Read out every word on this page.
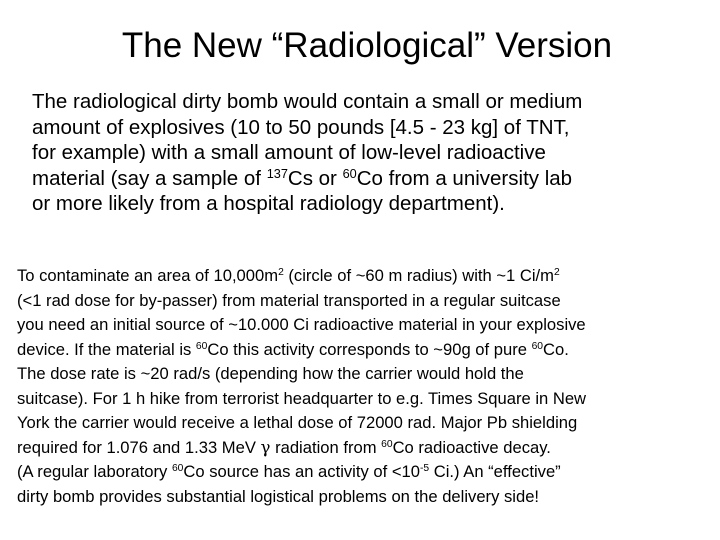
The New “Radiological” Version
The radiological dirty bomb would contain a small or medium
amount of explosives (10 to 50 pounds [4.5 - 23 kg] of TNT,
for example) with a small amount of low-level radioactive
material (say a sample of $^{137}$Cs or $^{60}$Co from a university lab
or more likely from a hospital radiology department).
To contaminate an area of $10,000m^2$ (circle of ~60 m radius) with ~1 $Ci/m^2$
(<1 rad dose for by-passer) from material transported in a regular suitcase
you need an initial source of ~10.000 Ci radioactive material in your explosive
device. If the material is $^{60}$Co this activity corresponds to ~90g of pure $^{60}$Co.
The dose rate is ~20 rad/s (depending how the carrier would hold the
suitcase). For 1 h hike from terrorist headquarter to e.g. Times Square in New
York the carrier would receive a lethal dose of 72000 rad. Major Pb shielding
required for 1.076 and 1.33 MeV γ radiation from $^{60}$Co radioactive decay.
(A regular laboratory $^{60}$Co source has an activity of $<10^{-5}$ Ci.) An “effective”
dirty bomb provides substantial logistical problems on the delivery side!
